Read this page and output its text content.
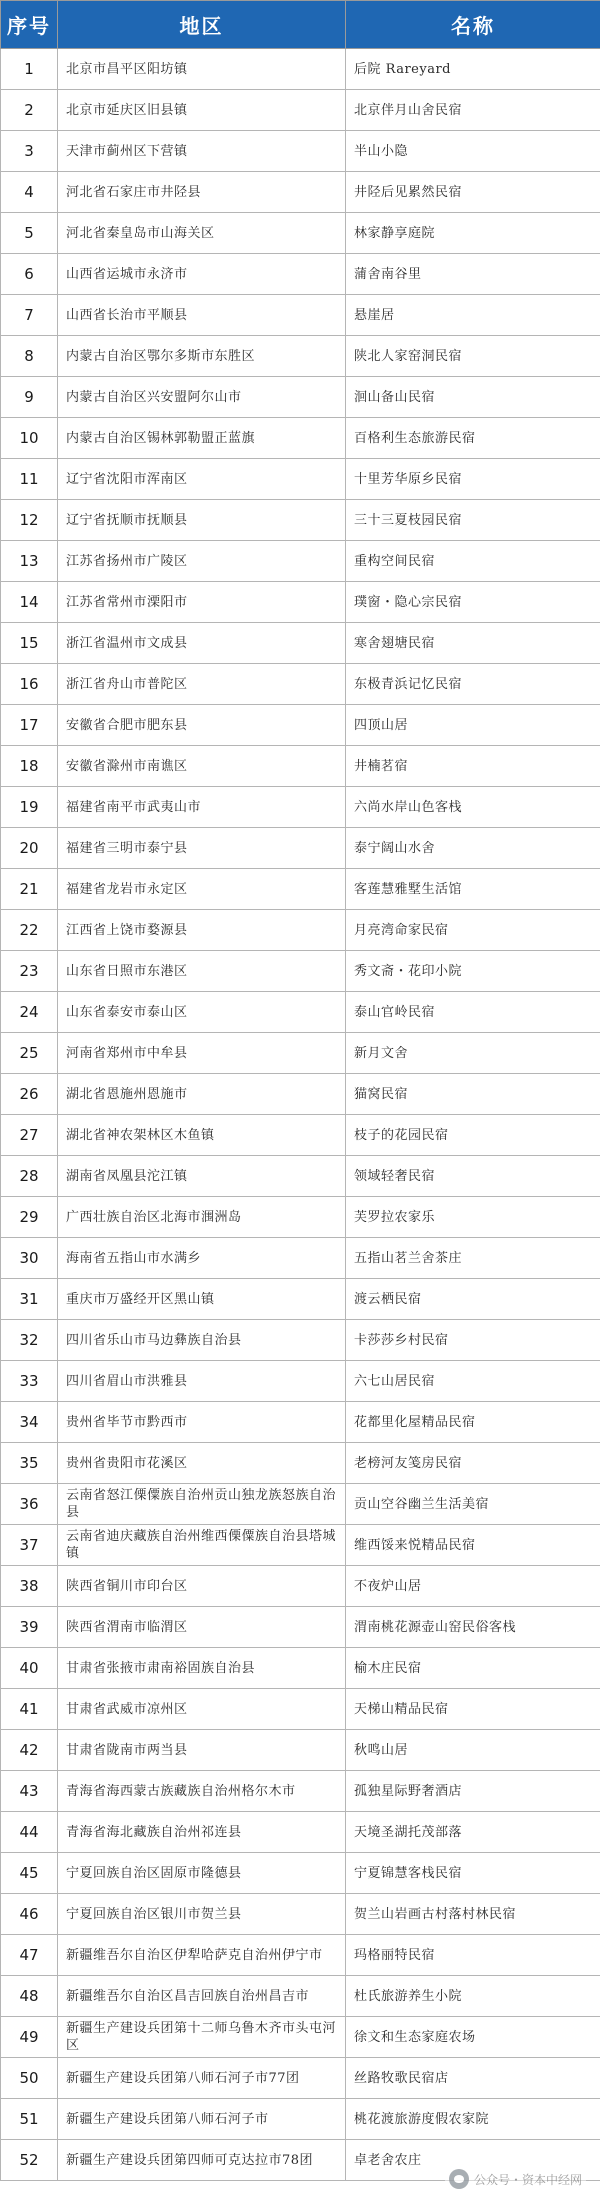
序号	地区	名称
1	北京市昌平区阳坊镇	后院 Rareyard
2	北京市延庆区旧县镇	北京伴月山舍民宿
3	天津市蓟州区下营镇	半山小隐
4	河北省石家庄市井陉县	井陉后见累然民宿
5	河北省秦皇岛市山海关区	林家静享庭院
6	山西省运城市永济市	蒲舍南谷里
7	山西省长治市平顺县	悬崖居
8	内蒙古自治区鄂尔多斯市东胜区	陕北人家窑洞民宿
9	内蒙古自治区兴安盟阿尔山市	洄山备山民宿
10	内蒙古自治区锡林郭勒盟正蓝旗	百格利生态旅游民宿
11	辽宁省沈阳市浑南区	十里芳华原乡民宿
12	辽宁省抚顺市抚顺县	三十三夏枝园民宿
13	江苏省扬州市广陵区	重构空间民宿
14	江苏省常州市溧阳市	璞窗・隐心宗民宿
15	浙江省温州市文成县	寒舍翅塘民宿
16	浙江省舟山市普陀区	东极青浜记忆民宿
17	安徽省合肥市肥东县	四顶山居
18	安徽省滁州市南谯区	井楠茗宿
19	福建省南平市武夷山市	六尚水岸山色客栈
20	福建省三明市泰宁县	泰宁阔山水舍
21	福建省龙岩市永定区	客莲慧雅墅生活馆
22	江西省上饶市婺源县	月亮湾命家民宿
23	山东省日照市东港区	秀文斋・花印小院
24	山东省泰安市泰山区	泰山官岭民宿
25	河南省郑州市中牟县	新月文舍
26	湖北省恩施州恩施市	猫窝民宿
27	湖北省神农架林区木鱼镇	枝子的花园民宿
28	湖南省凤凰县沱江镇	领域轻奢民宿
29	广西壮族自治区北海市涠洲岛	芙罗拉农家乐
30	海南省五指山市水满乡	五指山茗兰舍茶庄
31	重庆市万盛经开区黑山镇	渡云栖民宿
32	四川省乐山市马边彝族自治县	卡莎莎乡村民宿
33	四川省眉山市洪雅县	六七山居民宿
34	贵州省毕节市黔西市	花都里化屋精品民宿
35	贵州省贵阳市花溪区	老榜河友笺房民宿
36	云南省怒江傈僳族自治州贡山独龙族怒族自治县	贡山空谷幽兰生活美宿
37	云南省迪庆藏族自治州维西傈僳族自治县塔城镇	维西馁来悦精品民宿
38	陕西省铜川市印台区	不夜炉山居
39	陕西省渭南市临渭区	渭南桃花源壶山窑民俗客栈
40	甘肃省张掖市肃南裕固族自治县	榆木庄民宿
41	甘肃省武威市凉州区	天梯山精品民宿
42	甘肃省陇南市两当县	秋鸣山居
43	青海省海西蒙古族藏族自治州格尔木市	孤独星际野奢酒店
44	青海省海北藏族自治州祁连县	天境圣湖托茂部落
45	宁夏回族自治区固原市隆德县	宁夏锦慧客栈民宿
46	宁夏回族自治区银川市贺兰县	贺兰山岩画古村落村林民宿
47	新疆维吾尔自治区伊犁哈萨克自治州伊宁市	玛格丽特民宿
48	新疆维吾尔自治区昌吉回族自治州昌吉市	杜氏旅游养生小院
49	新疆生产建设兵团第十二师乌鲁木齐市头屯河区	徐文和生态家庭农场
50	新疆生产建设兵团第八师石河子市77团	丝路牧歌民宿店
51	新疆生产建设兵团第八师石河子市	桃花渡旅游度假农家院
52	新疆生产建设兵团第四师可克达拉市78团	卓老舍农庄
公众号・资本中经网
